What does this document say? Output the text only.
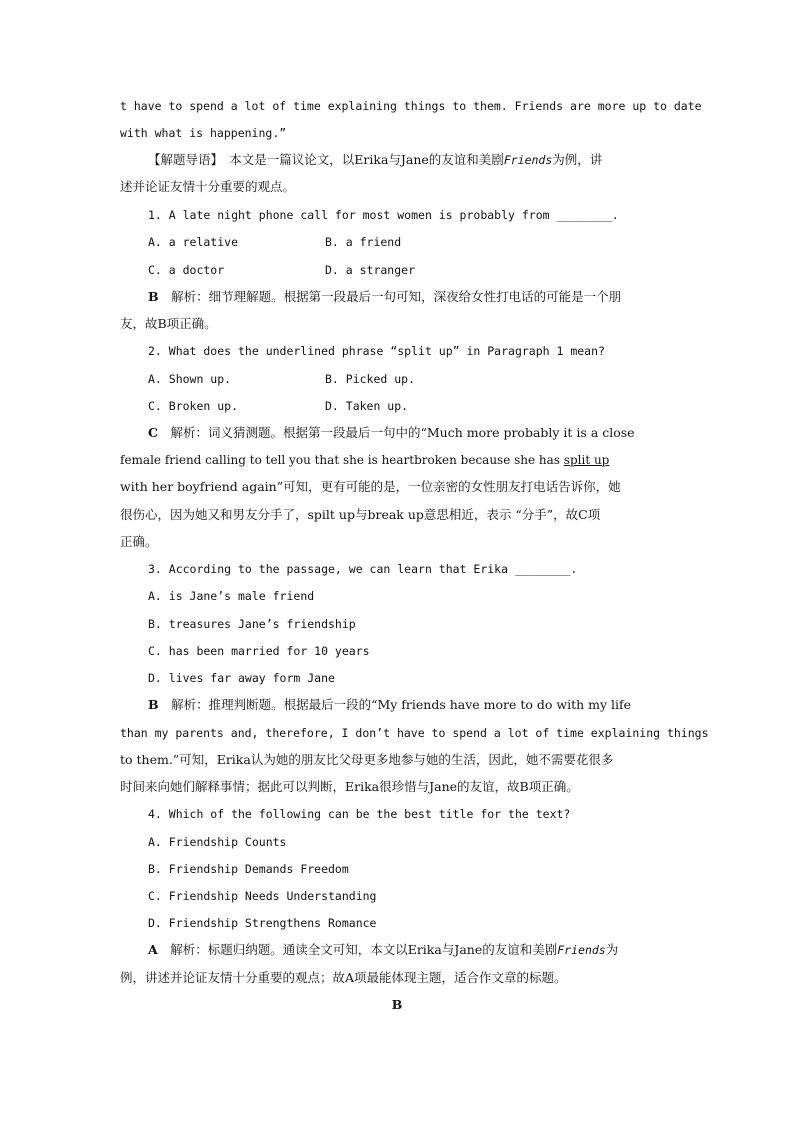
t have to spend a lot of time explaining things to them. Friends are more up to date
with what is happening.”
【解题导语】　本文是一篇议论文，以Erika与Jane的友谊和美剧Friends为例，讲
述并论证友情十分重要的观点。
1. A late night phone call for most women is probably from ________.
A. a relative	B. a friend
C. a doctor	D. a stranger
B　解析：细节理解题。根据第一段最后一句可知，深夜给女性打电话的可能是一个朋
友，故B项正确。
2. What does the underlined phrase “split up” in Paragraph 1 mean?
A. Shown up.	B. Picked up.
C. Broken up.	D. Taken up.
C　解析：词义猜测题。根据第一段最后一句中的“Much more probably it is a close
female friend calling to tell you that she is heartbroken because she has split up
with her boyfriend again”可知，更有可能的是，一位亲密的女性朋友打电话告诉你，她
很伤心，因为她又和男友分手了，spilt up与break up意思相近，表示 “分手”，故C项
正确。
3. According to the passage, we can learn that Erika ________.
A. is Jane’s male friend
B. treasures Jane’s friendship
C. has been married for 10 years
D. lives far away form Jane
B　解析：推理判断题。根据最后一段的“My friends have more to do with my life
than my parents and, therefore, I don’t have to spend a lot of time explaining things
to them.”可知，Erika认为她的朋友比父母更多地参与她的生活，因此，她不需要花很多
时间来向她们解释事情；据此可以判断，Erika很珍惜与Jane的友谊，故B项正确。
4. Which of the following can be the best title for the text?
A. Friendship Counts
B. Friendship Demands Freedom
C. Friendship Needs Understanding
D. Friendship Strengthens Romance
A　解析：标题归纳题。通读全文可知，本文以Erika与Jane的友谊和美剧Friends为
例，讲述并论证友情十分重要的观点；故A项最能体现主题，适合作文章的标题。
B
